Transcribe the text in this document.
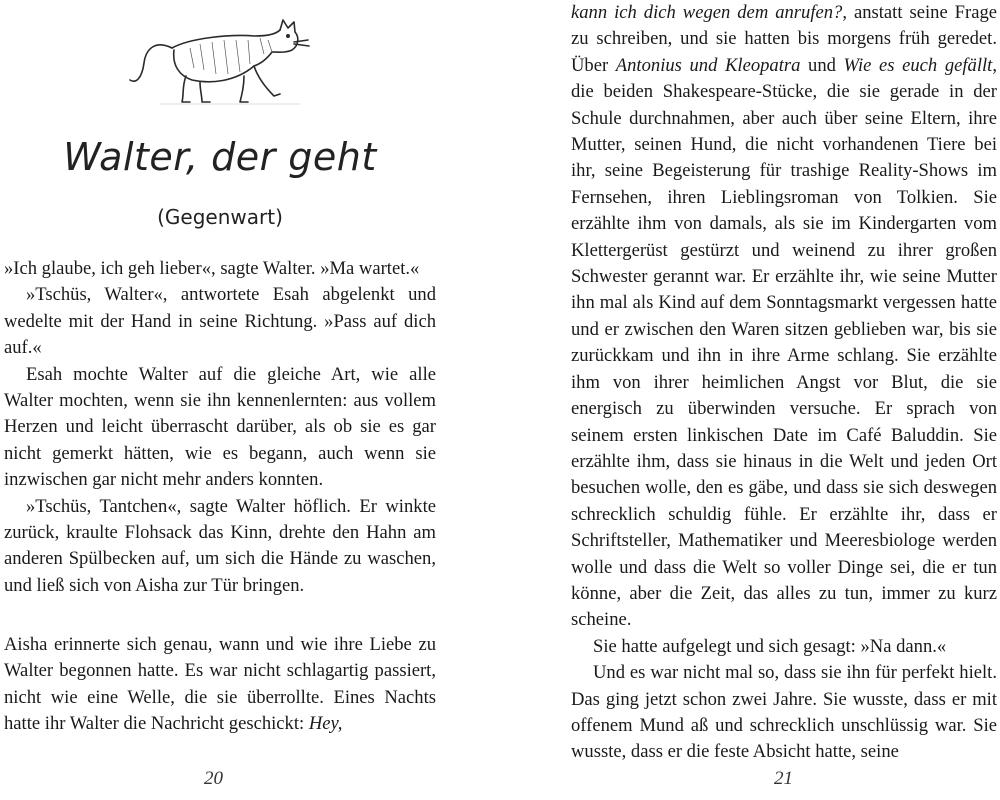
Walter, der geht
(Gegenwart)

»Ich glaube, ich geh lieber«, sagte Walter. »Ma wartet.«

»Tschüs, Walter«, antwortete Esah abgelenkt und wedelte mit der Hand in seine Richtung. »Pass auf dich auf.«

Esah mochte Walter auf die gleiche Art, wie alle Walter mochten, wenn sie ihn kennenlernten: aus vollem Herzen und leicht überrascht darüber, als ob sie es gar nicht gemerkt hätten, wie es begann, auch wenn sie inzwischen gar nicht mehr anders konnten.

»Tschüs, Tantchen«, sagte Walter höflich. Er winkte zurück, kraulte Flohsack das Kinn, drehte den Hahn am anderen Spülbecken auf, um sich die Hände zu waschen, und ließ sich von Aisha zur Tür bringen.

Aisha erinnerte sich genau, wann und wie ihre Liebe zu Walter begonnen hatte. Es war nicht schlagartig passiert, nicht wie eine Welle, die sie überrollte. Eines Nachts hatte ihr Walter die Nachricht geschickt: Hey,

20

kann ich dich wegen dem anrufen?, anstatt seine Frage zu schreiben, und sie hatten bis morgens früh geredet. Über Antonius und Kleopatra und Wie es euch gefällt, die beiden Shakespeare-Stücke, die sie gerade in der Schule durchnahmen, aber auch über seine Eltern, ihre Mutter, seinen Hund, die nicht vorhandenen Tiere bei ihr, seine Begeisterung für trashige Reality-Shows im Fernsehen, ihren Lieblingsroman von Tolkien. Sie erzählte ihm von damals, als sie im Kindergarten vom Klettergerüst gestürzt und weinend zu ihrer großen Schwester gerannt war. Er erzählte ihr, wie seine Mutter ihn mal als Kind auf dem Sonntagsmarkt vergessen hatte und er zwischen den Waren sitzen geblieben war, bis sie zurückkam und ihn in ihre Arme schlang. Sie erzählte ihm von ihrer heimlichen Angst vor Blut, die sie energisch zu überwinden versuche. Er sprach von seinem ersten linkischen Date im Café Baluddin. Sie erzählte ihm, dass sie hinaus in die Welt und jeden Ort besuchen wolle, den es gäbe, und dass sie sich deswegen schrecklich schuldig fühle. Er erzählte ihr, dass er Schriftsteller, Mathematiker und Meeresbiologe werden wolle und dass die Welt so voller Dinge sei, die er tun könne, aber die Zeit, das alles zu tun, immer zu kurz scheine.

Sie hatte aufgelegt und sich gesagt: »Na dann.«

Und es war nicht mal so, dass sie ihn für perfekt hielt. Das ging jetzt schon zwei Jahre. Sie wusste, dass er mit offenem Mund aß und schrecklich unschlüssig war. Sie wusste, dass er die feste Absicht hatte, seine

21
